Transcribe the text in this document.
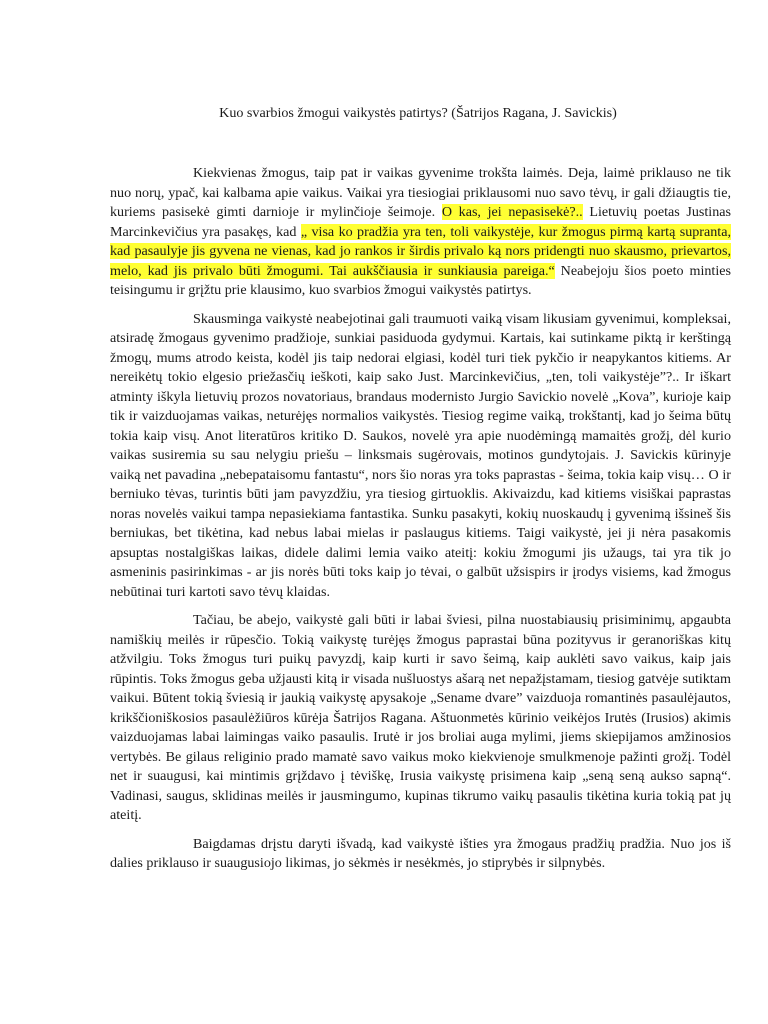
Kuo svarbios žmogui vaikystės patirtys? (Šatrijos Ragana, J. Savickis)

Kiekvienas žmogus, taip pat ir vaikas gyvenime trokšta laimės. Deja, laimė priklauso ne tik nuo norų, ypač, kai kalbama apie vaikus. Vaikai yra tiesiogiai priklausomi nuo savo tėvų, ir gali džiaugtis tie, kuriems pasisekė gimti darnioje ir mylinčioje šeimoje. O kas, jei nepasisekė?.. Lietuvių poetas Justinas Marcinkevičius yra pasakęs, kad „ visa ko pradžia yra ten, toli vaikystėje, kur žmogus pirmą kartą supranta, kad pasaulyje jis gyvena ne vienas, kad jo rankos ir širdis privalo ką nors pridengti nuo skausmo, prievartos, melo, kad jis privalo būti žmogumi. Tai aukščiausia ir sunkiausia pareiga.“ Neabejoju šios poeto minties teisingumu ir grįžtu prie klausimo, kuo svarbios žmogui vaikystės patirtys.

Skausminga vaikystė neabejotinai gali traumuoti vaiką visam likusiam gyvenimui, kompleksai, atsiradę žmogaus gyvenimo pradžioje, sunkiai pasiduoda gydymui. Kartais, kai sutinkame piktą ir kerštingą žmogų, mums atrodo keista, kodėl jis taip nedorai elgiasi, kodėl turi tiek pykčio ir neapykantos kitiems. Ar nereikėtų tokio elgesio priežasčių ieškoti, kaip sako Just. Marcinkevičius, „ten, toli vaikystėje”?.. Ir iškart atminty iškyla lietuvių prozos novatoriaus, brandaus modernisto Jurgio Savickio novelė „Kova”, kurioje kaip tik ir vaizduojamas vaikas, neturėjęs normalios vaikystės. Tiesiog regime vaiką, trokštantį, kad jo šeima būtų tokia kaip visų. Anot literatūros kritiko D. Saukos, novelė yra apie nuodėmingą mamaitės grožį, dėl kurio vaikas susiremia su sau nelygiu priešu – linksmais sugėrovais, motinos gundytojais. J. Savickis kūrinyje vaiką net pavadina „nebepataisomu fantastu“, nors šio noras yra toks paprastas - šeima, tokia kaip visų… O ir berniuko tėvas, turintis būti jam pavyzdžiu, yra tiesiog girtuoklis. Akivaizdu, kad kitiems visiškai paprastas noras novelės vaikui tampa nepasiekiama fantastika. Sunku pasakyti, kokių nuoskaudų į gyvenimą išsineš šis berniukas, bet tikėtina, kad nebus labai mielas ir paslaugus kitiems. Taigi vaikystė, jei ji nėra pasakomis apsuptas nostalgiškas laikas, didele dalimi lemia vaiko ateitį: kokiu žmogumi jis užaugs, tai yra tik jo asmeninis pasirinkimas - ar jis norės būti toks kaip jo tėvai, o galbūt užsispirs ir įrodys visiems, kad žmogus nebūtinai turi kartoti savo tėvų klaidas.

Tačiau, be abejo, vaikystė gali būti ir labai šviesi, pilna nuostabiausių prisiminimų, apgaubta namiškių meilės ir rūpesčio. Tokią vaikystę turėjęs žmogus paprastai būna pozityvus ir geranoriškas kitų atžvilgiu. Toks žmogus turi puikų pavyzdį, kaip kurti ir savo šeimą, kaip auklėti savo vaikus, kaip jais rūpintis. Toks žmogus geba užjausti kitą ir visada nušluostys ašarą net nepažįstamam, tiesiog gatvėje sutiktam vaikui. Būtent tokią šviesią ir jaukią vaikystę apysakoje „Sename dvare” vaizduoja romantinės pasaulėjautos, krikščioniškosios pasaulėžiūros kūrėja Šatrijos Ragana. Aštuonmetės kūrinio veikėjos Irutės (Irusios) akimis vaizduojamas labai laimingas vaiko pasaulis. Irutė ir jos broliai auga mylimi, jiems skiepijamos amžinosios vertybės. Be gilaus religinio prado mamatė savo vaikus moko kiekvienoje smulkmenoje pažinti grožį. Todėl net ir suaugusi, kai mintimis grįždavo į tėviškę, Irusia vaikystę prisimena kaip „seną seną aukso sapną“. Vadinasi, saugus, sklidinas meilės ir jausmingumo, kupinas tikrumo vaikų pasaulis tikėtina kuria tokią pat jų ateitį.

Baigdamas drįstu daryti išvadą, kad vaikystė išties yra žmogaus pradžių pradžia. Nuo jos iš dalies priklauso ir suaugusiojo likimas, jo sėkmės ir nesėkmės, jo stiprybės ir silpnybės.
